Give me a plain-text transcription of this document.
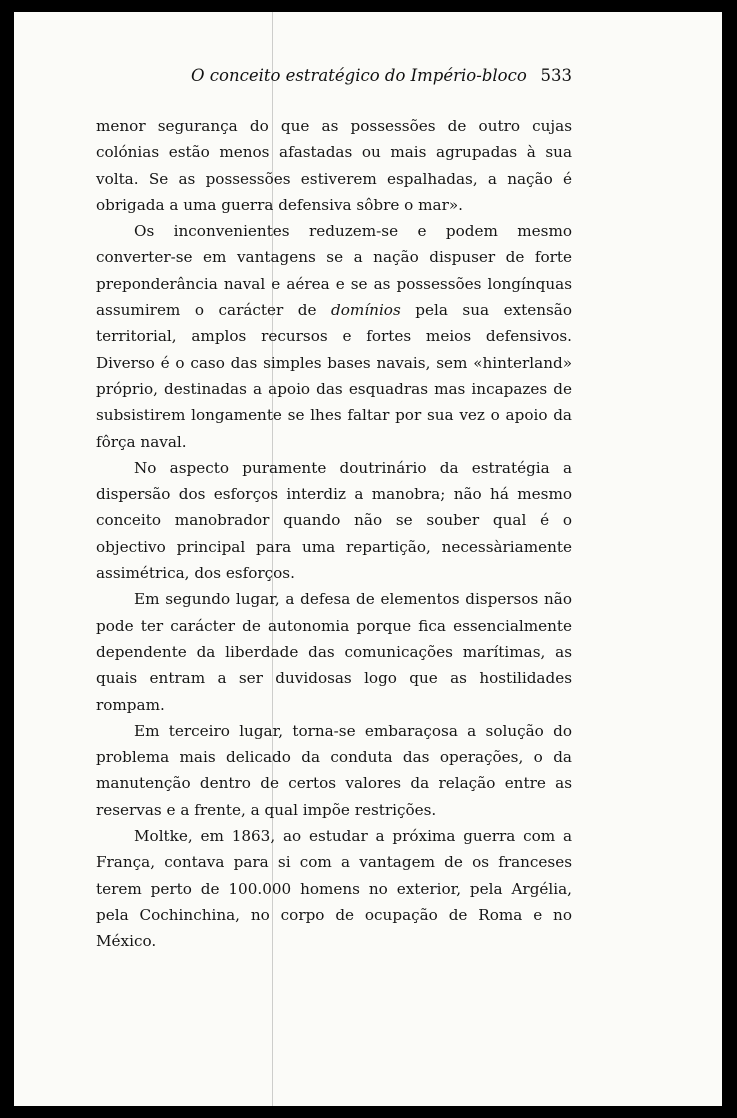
O conceito estratégico do Império-bloco 533

menor segurança do que as possessões de outro cujas colónias estão menos afastadas ou mais agrupadas à sua volta. Se as possessões estiverem espalhadas, a nação é obrigada a uma guerra defensiva sôbre o mar».

Os inconvenientes reduzem-se e podem mesmo converter-se em vantagens se a nação dispuser de forte preponderância naval e aérea e se as possessões longínquas assumirem o carácter de domínios pela sua extensão territorial, amplos recursos e fortes meios defensivos. Diverso é o caso das simples bases navais, sem «hinterland» próprio, destinadas a apoio das esquadras mas incapazes de subsistirem longamente se lhes faltar por sua vez o apoio da fôrça naval.

No aspecto puramente doutrinário da estratégia a dispersão dos esforços interdiz a manobra; não há mesmo conceito manobrador quando não se souber qual é o objectivo principal para uma repartição, necessàriamente assimétrica, dos esforços.

Em segundo lugar, a defesa de elementos dispersos não pode ter carácter de autonomia porque fica essencialmente dependente da liberdade das comunicações marítimas, as quais entram a ser duvidosas logo que as hostilidades rompam.

Em terceiro lugar, torna-se embaraçosa a solução do problema mais delicado da conduta das operações, o da manutenção dentro de certos valores da relação entre as reservas e a frente, a qual impõe restrições.

Moltke, em 1863, ao estudar a próxima guerra com a França, contava para si com a vantagem de os franceses terem perto de 100.000 homens no exterior, pela Argélia, pela Cochinchina, no corpo de ocupação de Roma e no México.
